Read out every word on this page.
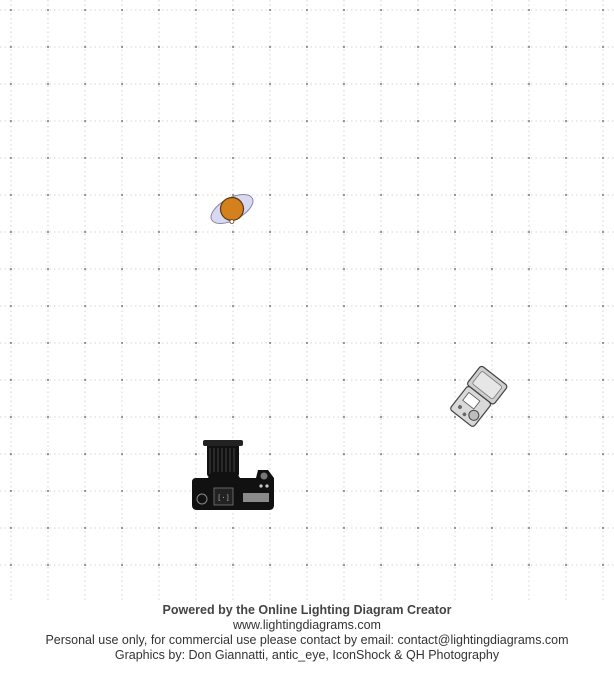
[·]
Powered by the Online Lighting Diagram Creator
www.lightingdiagrams.com
Personal use only, for commercial use please contact by email: contact@lightingdiagrams.com
Graphics by: Don Giannatti, antic_eye, IconShock & QH Photography
